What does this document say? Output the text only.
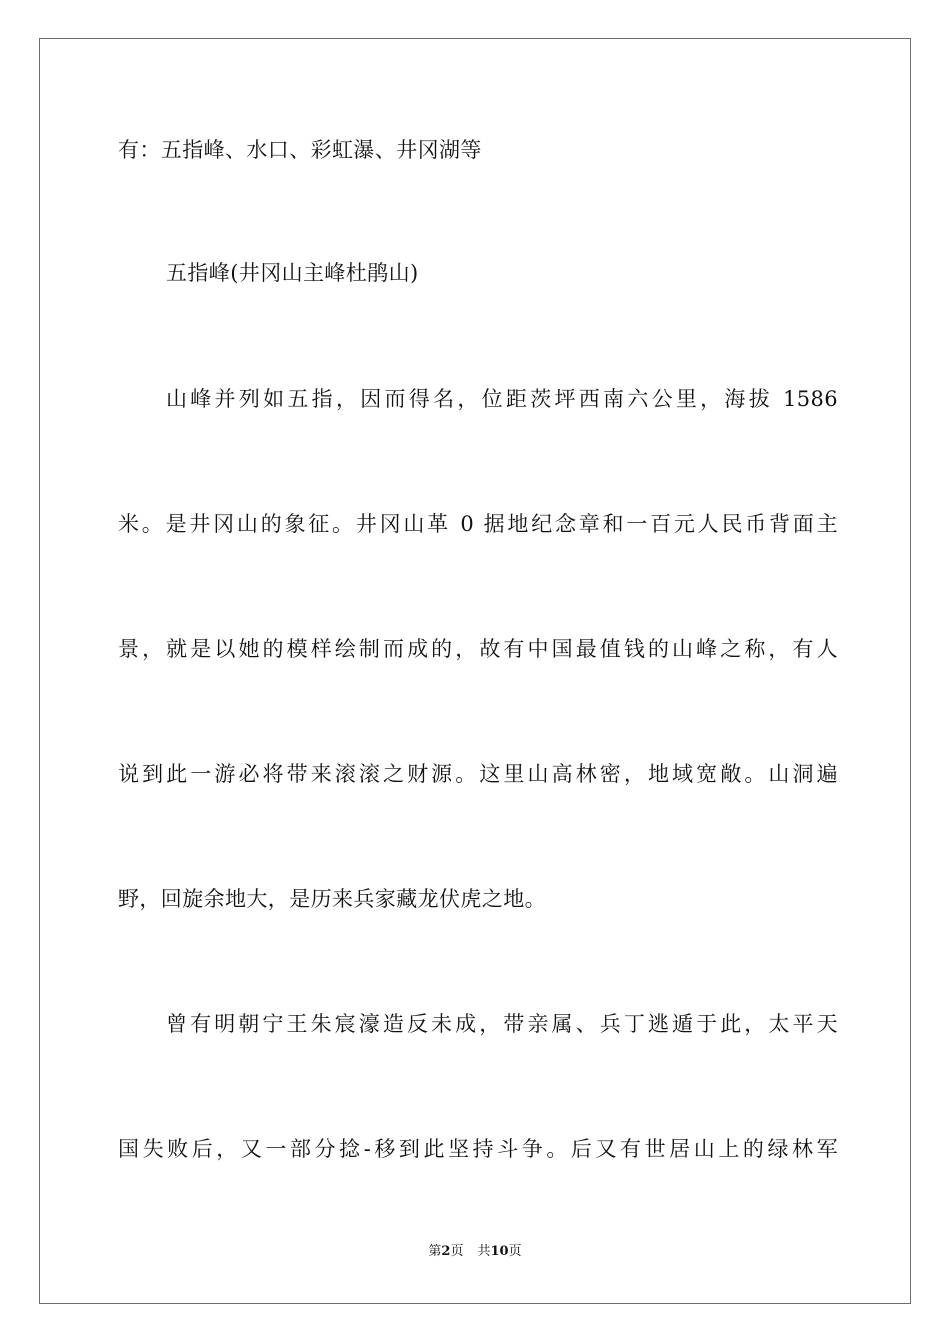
有：五指峰、水口、彩虹瀑、井冈湖等

五指峰(井冈山主峰杜鹃山)

山峰并列如五指，因而得名，位距茨坪西南六公里，海拔 1586

米。是井冈山的象征。井冈山革 0 据地纪念章和一百元人民币背面主

景，就是以她的模样绘制而成的，故有中国最值钱的山峰之称，有人

说到此一游必将带来滚滚之财源。这里山高林密，地域宽敞。山洞遍

野，回旋余地大，是历来兵家藏龙伏虎之地。

曾有明朝宁王朱宸濠造反未成，带亲属、兵丁逃遁于此，太平天

国失败后，又一部分捻-移到此坚持斗争。后又有世居山上的绿林军

第2页 共10页
